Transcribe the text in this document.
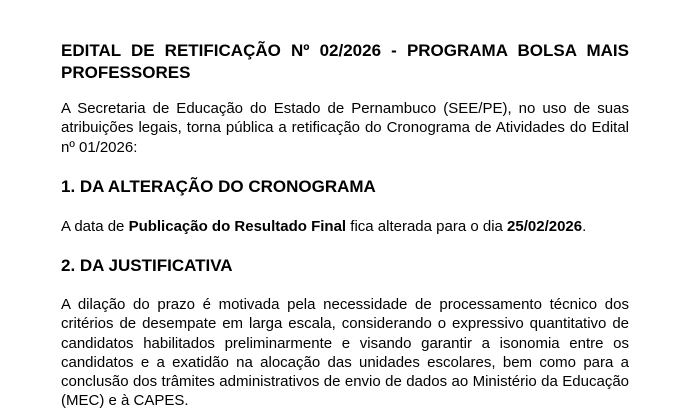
EDITAL DE RETIFICAÇÃO Nº 02/2026 - PROGRAMA BOLSA MAIS PROFESSORES

A Secretaria de Educação do Estado de Pernambuco (SEE/PE), no uso de suas atribuições legais, torna pública a retificação do Cronograma de Atividades do Edital nº 01/2026:

1. DA ALTERAÇÃO DO CRONOGRAMA

A data de Publicação do Resultado Final fica alterada para o dia 25/02/2026.

2. DA JUSTIFICATIVA

A dilação do prazo é motivada pela necessidade de processamento técnico dos critérios de desempate em larga escala, considerando o expressivo quantitativo de candidatos habilitados preliminarmente e visando garantir a isonomia entre os candidatos e a exatidão na alocação das unidades escolares, bem como para a conclusão dos trâmites administrativos de envio de dados ao Ministério da Educação (MEC) e à CAPES.
